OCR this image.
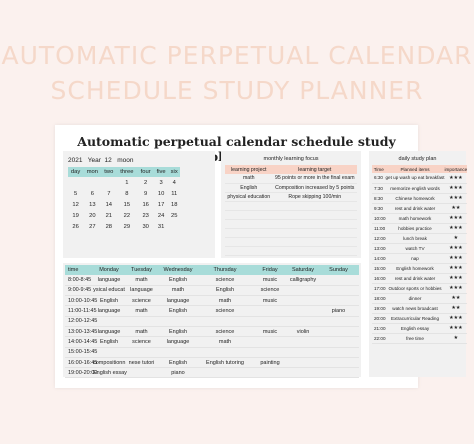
AUTOMATIC PERPETUAL CALENDAR
SCHEDULE STUDY PLANNER
Automatic perpetual calendar schedule study
2021 Year 12 moon
day	mon	two	three	four	five	six
			1	2	3	4
5	6	7	8	9	10	11
12	13	14	15	16	17	18
19	20	21	22	23	24	25
26	27	28	29	30	31	
monthly learning focus
learning project	learning target
math	95 points or more in the final exam
English	Composition increased by 5 points
physical education	Rope skipping 100/min

daily study plan
Time	Planned items	importance
6:30	get up wash up eat breakfast	★★★
7:30	memorize english words	★★★
8:30	Chinese homework	★★★
9:30	rest and drink water	★★
10:00	math homework	★★★
11:00	hobbies practice	★★★
12:00	lunch break	★
13:00	watch TV	★★★
14:00	nap	★★★
15:00	English homework	★★★
16:00	rest and drink water	★★★
17:00	Outdoor sports or hobbies	★★★
18:00	dinner	★★
19:00	watch news broadcast	★★
20:00	Extracurricular Reading	★★★
21:00	English essay	★★★
22:00	free time	★
time	Monday	Tuesday	Wednesday	Thursday	Friday	Saturday	Sunday
8:00-8:45	language	math	English	science	music	calligraphy	
9:00-9:45	ysical educat	language	math	English	science		
10:00-10:45	English	science	language	math	music		
11:00-11:45	language	math	English	science			piano
12:00-12:45							
13:00-13:45	language	math	English	science	music	violin	
14:00-14:45	English	science	language	math			
15:00-15:45							
16:00-16:45	compositionn	nese tutori	English	English tutoring	painting		
19:00-20:00	English essay		piano				
